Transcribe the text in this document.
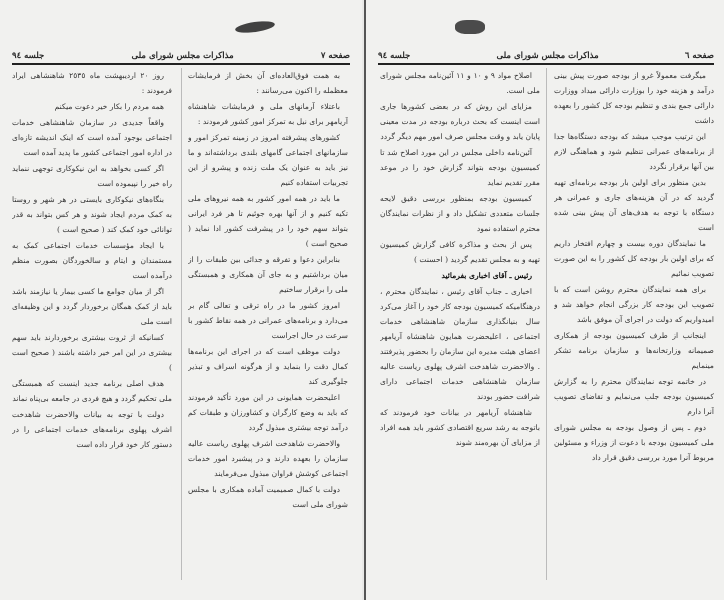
صفحه ٧
مذاکرات مجلس شورای ملی
جلسه ٩٤

به همت فوق‌العاده‌ای آن بخش از فرمایشات معظمله را اکنون می‌رسانند :

باعتلاء آرمانهای ملی و فرمایشات شاهنشاه آریامهر برای نیل به تمرکز امور کشور فرمودند :

کشورهای پیشرفته امروز در زمینه تمرکز امور و سازمانهای اجتماعی گامهای بلندی برداشته‌اند و ما نیز باید به عنوان یک ملت زنده و پیشرو از این تجربیات استفاده کنیم

ما باید در همه امور کشور به همه نیروهای ملی تکیه کنیم و از آنها بهره جوئیم تا هر فرد ایرانی بتواند سهم خود را در پیشرفت کشور ادا نماید ( صحیح است )

بنابراین دعوا و تفرقه و جدائی بین طبقات را از میان برداشتیم و به جای آن همکاری و همبستگی ملی را برقرار ساختیم

امروز کشور ما در راه ترقی و تعالی گام بر می‌دارد و برنامه‌های عمرانی در همه نقاط کشور با سرعت در حال اجراست

دولت موظف است که در اجرای این برنامه‌ها کمال دقت را بنماید و از هرگونه اسراف و تبذیر جلوگیری کند

اعلیحضرت همایونی در این مورد تأکید فرمودند که باید به وضع کارگران و کشاورزان و طبقات کم درآمد توجه بیشتری مبذول گردد

والاحضرت شاهدخت اشرف پهلوی ریاست عالیه سازمان را بعهده دارند و در پیشبرد امور خدمات اجتماعی کوشش فراوان مبذول می‌فرمایند

دولت با کمال صمیمیت آماده همکاری با مجلس شورای ملی است

روز ٢٠ اردیبهشت ماه ٢٥٣٥ شاهنشاهی ایراد فرمودند :

همه مردم را بکار خیر دعوت میکنم

واقعاً جدیدی در سازمان شاهنشاهی خدمات اجتماعی بوجود آمده است که اینک اندیشه تازه‌ای در اداره امور اجتماعی کشور ما پدید آمده است

اگر کسی بخواهد به این نیکوکاری توجهی ننماید راه خیر را نپیموده است

بنگاه‌های نیکوکاری بایستی در هر شهر و روستا به کمک مردم ایجاد شوند و هر کس بتواند به قدر توانائی خود کمک کند ( صحیح است )

با ایجاد مؤسسات خدمات اجتماعی کمک به مستمندان و ایتام و سالخوردگان بصورت منظم درآمده است

اگر از میان جوامع ما کسی بیمار یا نیازمند باشد باید از کمک همگان برخوردار گردد و این وظیفه‌ای است ملی

کسانیکه از ثروت بیشتری برخوردارند باید سهم بیشتری در این امر خیر داشته باشند ( صحیح است )

هدف اصلی برنامه جدید اینست که همبستگی ملی تحکیم گردد و هیچ فردی در جامعه بی‌پناه نماند

دولت با توجه به بیانات والاحضرت شاهدخت اشرف پهلوی برنامه‌های خدمات اجتماعی را در دستور کار خود قرار داده است

صفحه ٦
مذاکرات مجلس شورای ملی
جلسه ٩٤

میگرفت معمولاً غرو از بودجه صورت پیش بینی درآمد و هزینه خود را بوزارت دارائی میداد ووزارت دارائی جمع بندی و تنظیم بودجه کل کشور را بعهده داشت

این ترتیب موجب میشد که بودجه دستگاه‌ها جدا از برنامه‌های عمرانی تنظیم شود و هماهنگی لازم بین آنها برقرار نگردد

بدین منظور برای اولین بار بودجه برنامه‌ای تهیه گردید که در آن هزینه‌های جاری و عمرانی هر دستگاه با توجه به هدف‌های آن پیش بینی شده است

ما نمایندگان دوره بیست و چهارم افتخار داریم که برای اولین بار بودجه کل کشور را به این صورت تصویب نمائیم

برای همه نمایندگان محترم روشن است که با تصویب این بودجه کار بزرگی انجام خواهد شد و امیدواریم که دولت در اجرای آن موفق باشد

اینجانب از طرف کمیسیون بودجه از همکاری صمیمانه وزارتخانه‌ها و سازمان برنامه تشکر مینمایم

در خاتمه توجه نمایندگان محترم را به گزارش کمیسیون بودجه جلب می‌نمایم و تقاضای تصویب آنرا دارم

دوم ـ پس از وصول بودجه به مجلس شورای ملی کمیسیون بودجه با دعوت از وزراء و مسئولین مربوط آنرا مورد بررسی دقیق قرار داد

اصلاح مواد ٩ و ١٠ و ١١ آئین‌نامه مجلس شورای ملی است.

مزایای این روش که در بعضی کشورها جاری است اینست که بحث درباره بودجه در مدت معینی پایان یابد و وقت مجلس صرف امور مهم دیگر گردد

آئین‌نامه داخلی مجلس در این مورد اصلاح شد تا کمیسیون بودجه بتواند گزارش خود را در موعد مقرر تقدیم نماید

کمیسیون بودجه بمنظور بررسی دقیق لایحه جلسات متعددی تشکیل داد و از نظرات نمایندگان محترم استفاده نمود

پس از بحث و مذاکره کافی گزارش کمیسیون تهیه و به مجلس تقدیم گردید ( احسنت )

رئیس ـ آقای اخباری بفرمائید

اخباری ـ جناب آقای رئیس ، نمایندگان محترم ، درهنگامیکه کمیسیون بودجه کار خود را آغاز می‌کرد سال بنیانگذاری سازمان شاهنشاهی خدمات اجتماعی ، اعلیحضرت همایون شاهنشاه آریامهر اعضای هیئت مدیره این سازمان را بحضور پذیرفتند . والاحضرت شاهدخت اشرف پهلوی ریاست عالیه سازمان شاهنشاهی خدمات اجتماعی دارای شرافت حضور بودند

شاهنشاه آریامهر در بیانات خود فرمودند که باتوجه به رشد سریع اقتصادی کشور باید همه افراد از مزایای آن بهره‌مند شوند
